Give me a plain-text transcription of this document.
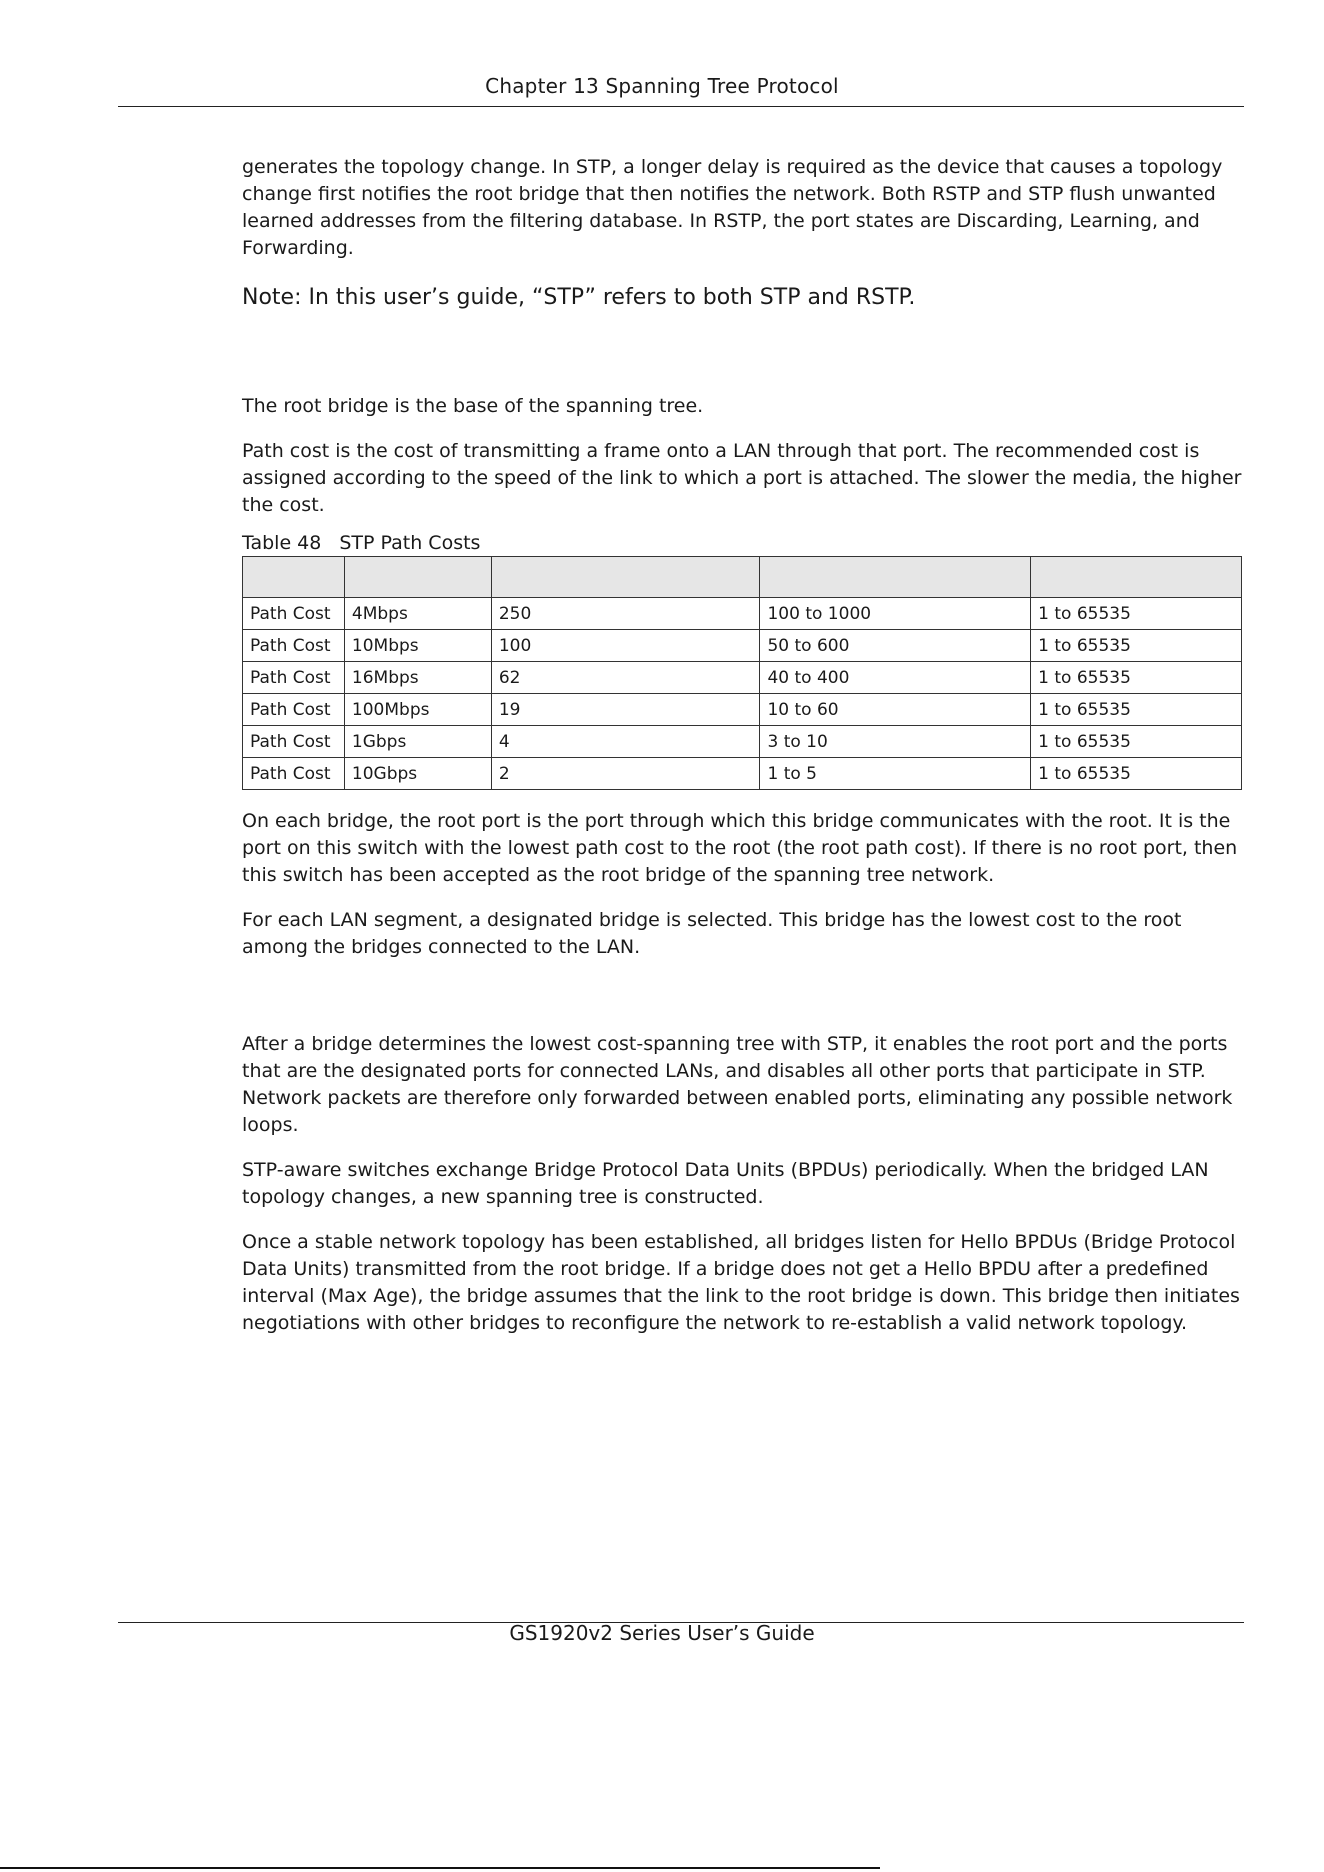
Chapter 13 Spanning Tree Protocol

generates the topology change. In STP, a longer delay is required as the device that causes a topology change first notifies the root bridge that then notifies the network. Both RSTP and STP flush unwanted learned addresses from the filtering database. In RSTP, the port states are Discarding, Learning, and Forwarding.

Note: In this user’s guide, “STP” refers to both STP and RSTP.

The root bridge is the base of the spanning tree.

Path cost is the cost of transmitting a frame onto a LAN through that port. The recommended cost is assigned according to the speed of the link to which a port is attached. The slower the media, the higher the cost.

Table 48 STP Path Costs

Path Cost	4Mbps	250	100 to 1000	1 to 65535
Path Cost	10Mbps	100	50 to 600	1 to 65535
Path Cost	16Mbps	62	40 to 400	1 to 65535
Path Cost	100Mbps	19	10 to 60	1 to 65535
Path Cost	1Gbps	4	3 to 10	1 to 65535
Path Cost	10Gbps	2	1 to 5	1 to 65535

On each bridge, the root port is the port through which this bridge communicates with the root. It is the port on this switch with the lowest path cost to the root (the root path cost). If there is no root port, then this switch has been accepted as the root bridge of the spanning tree network.

For each LAN segment, a designated bridge is selected. This bridge has the lowest cost to the root among the bridges connected to the LAN.

After a bridge determines the lowest cost-spanning tree with STP, it enables the root port and the ports that are the designated ports for connected LANs, and disables all other ports that participate in STP. Network packets are therefore only forwarded between enabled ports, eliminating any possible network loops.

STP-aware switches exchange Bridge Protocol Data Units (BPDUs) periodically. When the bridged LAN topology changes, a new spanning tree is constructed.

Once a stable network topology has been established, all bridges listen for Hello BPDUs (Bridge Protocol Data Units) transmitted from the root bridge. If a bridge does not get a Hello BPDU after a predefined interval (Max Age), the bridge assumes that the link to the root bridge is down. This bridge then initiates negotiations with other bridges to reconfigure the network to re-establish a valid network topology.

GS1920v2 Series User’s Guide
